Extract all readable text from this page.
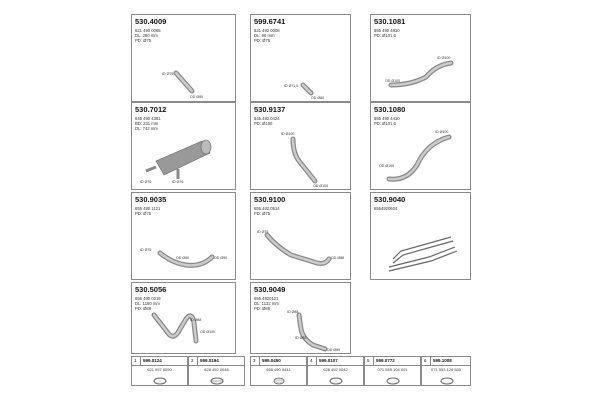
530.4009
621 490 0065
DL: 280 mm
PD: Ø75
ID Ø75
OD Ø80
599.6741
621 492 0008
DL: 96 mm
PD: Ø75
ID Ø71,5
OD Ø80
530.1081
655 490 4810
PD: Ø101,6
OD Ø100
ID Ø100
530.7012
646 490 4381
BD: 231 mm
DL: 742 mm
ID Ø76	ID Ø76
530.9137
645.492.0424
PD: Ø100
ID Ø100
OD Ø100
530.1080
655 490 4410
PD: Ø101,6
OD Ø100
ID Ø100
530.9035
655 490 1121
PD: Ø75
ID Ø75
OD Ø90	OD Ø90
530.9100
655.492.0514
PD: Ø75
ID Ø75
OD Ø88
530.9040
6554920604
530.5056
656 490 0219
DL: 1160 mm
PD: Ø88
ID Ø88
OD Ø100
530.9049
655.4920121
DL: 1132 mm
PD: Ø88
ID Ø88
ID Ø88
OD Ø89
1 599.0124
621 997 0090
2 599.0194
628 492 0048
3 599.0450
655 490 0441
4 599.0107
628 492 0042
5 599.0772
071 555 104 001
6 599.1008
071 553 120 500
